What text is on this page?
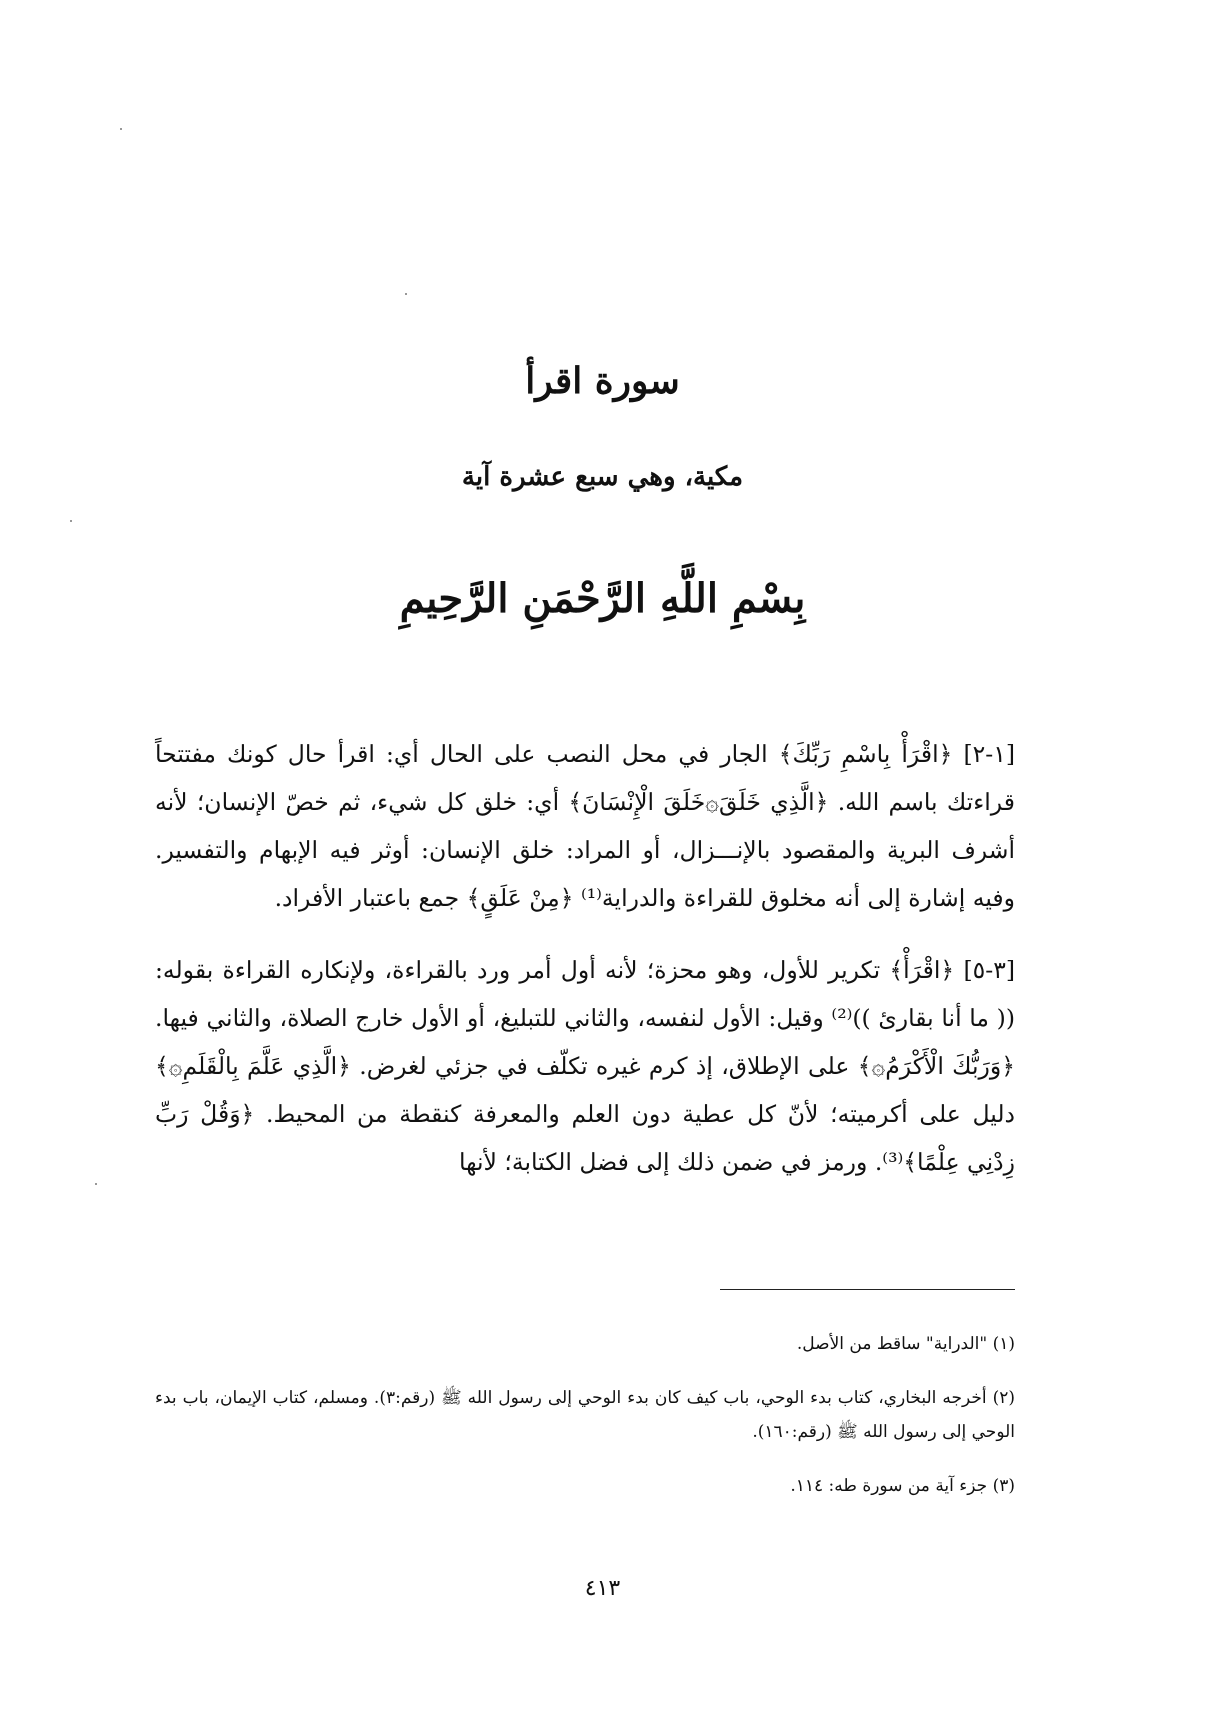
سورة اقرأ
مكية، وهي سبع عشرة آية
بِسْمِ اللَّهِ الرَّحْمَنِ الرَّحِيمِ

[١-٢] ﴿اقْرَأْ بِاسْمِ رَبِّكَ﴾ الجار في محل النصب على الحال أي: اقرأ حال كونك مفتتحاً قراءتك باسم الله. ﴿الَّذِي خَلَقَ۞خَلَقَ الْإِنْسَانَ﴾ أي: خلق كل شيء، ثم خصّ الإنسان؛ لأنه أشرف البرية والمقصود بالإنـــزال، أو المراد: خلق الإنسان: أوثر فيه الإبهام والتفسير. وفيه إشارة إلى أنه مخلوق للقراءة والدراية⁽¹⁾ ﴿مِنْ عَلَقٍ﴾ جمع باعتبار الأفراد.

[٣-٥] ﴿اقْرَأْ﴾ تكرير للأول، وهو محزة؛ لأنه أول أمر ورد بالقراءة، ولإنكاره القراءة بقوله: (( ما أنا بقارئ ))⁽²⁾ وقيل: الأول لنفسه، والثاني للتبليغ، أو الأول خارج الصلاة، والثاني فيها. ﴿وَرَبُّكَ الْأَكْرَمُ۞﴾ على الإطلاق، إذ كرم غيره تكلّف في جزئي لغرض. ﴿الَّذِي عَلَّمَ بِالْقَلَمِ۞﴾ دليل على أكرميته؛ لأنّ كل عطية دون العلم والمعرفة كنقطة من المحيط. ﴿وَقُلْ رَبِّ زِدْنِي عِلْمًا﴾⁽³⁾. ورمز في ضمن ذلك إلى فضل الكتابة؛ لأنها

(١) "الدراية" ساقط من الأصل.

(٢) أخرجه البخاري، كتاب بدء الوحي، باب كيف كان بدء الوحي إلى رسول الله ﷺ (رقم:٣). ومسلم، كتاب الإيمان، باب بدء الوحي إلى رسول الله ﷺ (رقم:١٦٠).

(٣) جزء آية من سورة طه: ١١٤.

٤١٣
